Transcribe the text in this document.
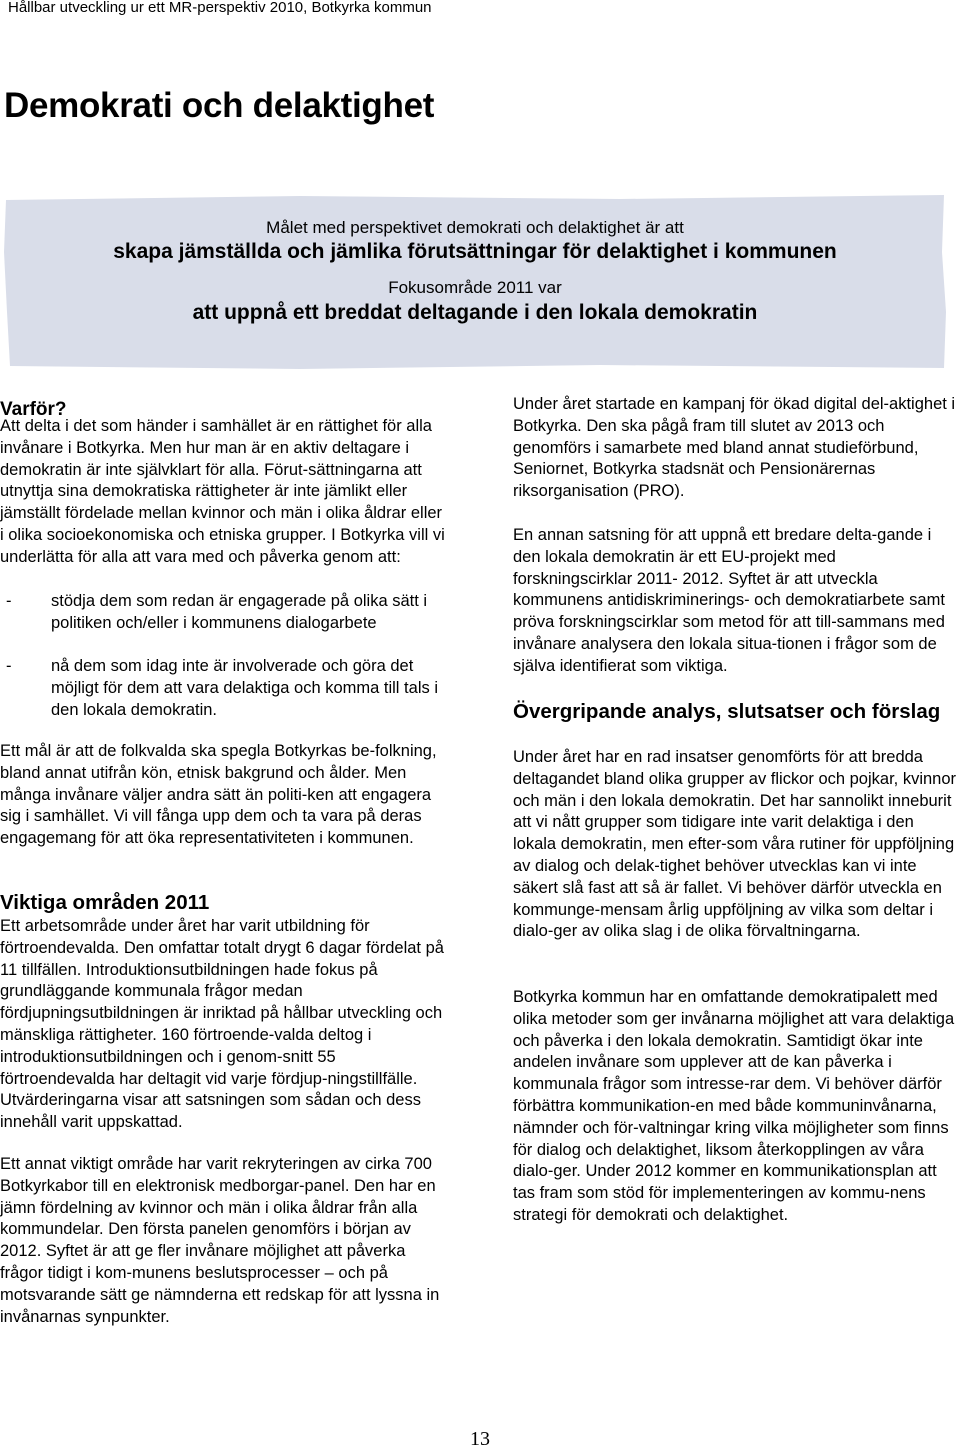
Hållbar utveckling ur ett MR-perspektiv 2010, Botkyrka kommun
Demokrati och delaktighet
Målet med perspektivet demokrati och delaktighet är att
skapa jämställda och jämlika förutsättningar för delaktighet i kommunen
Fokusområde 2011 var
att uppnå ett breddat deltagande i den lokala demokratin
Varför?

Att delta i det som händer i samhället är en rättighet för alla invånare i Botkyrka. Men hur man är en aktiv deltagare i demokratin är inte självklart för alla. Förut-sättningarna att utnyttja sina demokratiska rättigheter är inte jämlikt eller jämställt fördelade mellan kvinnor och män i olika åldrar eller i olika socioekonomiska och etniska grupper. I Botkyrka vill vi underlätta för alla att vara med och påverka genom att:

- stödja dem som redan är engagerade på olika sätt i politiken och/eller i kommunens dialogarbete
- nå dem som idag inte är involverade och göra det möjligt för dem att vara delaktiga och komma till tals i den lokala demokratin.

Ett mål är att de folkvalda ska spegla Botkyrkas be-folkning, bland annat utifrån kön, etnisk bakgrund och ålder. Men många invånare väljer andra sätt än politi-ken att engagera sig i samhället. Vi vill fånga upp dem och ta vara på deras engagemang för att öka representativiteten i kommunen.

Viktiga områden 2011

Ett arbetsområde under året har varit utbildning för förtroendevalda. Den omfattar totalt drygt 6 dagar fördelat på 11 tillfällen. Introduktionsutbildningen hade fokus på grundläggande kommunala frågor medan fördjupningsutbildningen är inriktad på hållbar utveckling och mänskliga rättigheter. 160 förtroende-valda deltog i introduktionsutbildningen och i genom-snitt 55 förtroendevalda har deltagit vid varje fördjup-ningstillfälle. Utvärderingarna visar att satsningen som sådan och dess innehåll varit uppskattad.

Ett annat viktigt område har varit rekryteringen av cirka 700 Botkyrkabor till en elektronisk medborgar-panel. Den har en jämn fördelning av kvinnor och män i olika åldrar från alla kommundelar. Den första panelen genomförs i början av 2012. Syftet är att ge fler invånare möjlighet att påverka frågor tidigt i kom-munens beslutsprocesser – och på motsvarande sätt ge nämnderna ett redskap för att lyssna in invånarnas synpunkter.

Under året startade en kampanj för ökad digital del-aktighet i Botkyrka. Den ska pågå fram till slutet av 2013 och genomförs i samarbete med bland annat studieförbund, Seniornet, Botkyrka stadsnät och Pensionärernas riksorganisation (PRO).

En annan satsning för att uppnå ett bredare delta-gande i den lokala demokratin är ett EU-projekt med forskningscirklar 2011- 2012. Syftet är att utveckla kommunens antidiskriminerings- och demokratiarbete samt pröva forskningscirklar som metod för att till-sammans med invånare analysera den lokala situa-tionen i frågor som de själva identifierat som viktiga.

Övergripande analys, slutsatser och förslag

Under året har en rad insatser genomförts för att bredda deltagandet bland olika grupper av flickor och pojkar, kvinnor och män i den lokala demokratin. Det har sannolikt inneburit att vi nått grupper som tidigare inte varit delaktiga i den lokala demokratin, men efter-som våra rutiner för uppföljning av dialog och delak-tighet behöver utvecklas kan vi inte säkert slå fast att så är fallet. Vi behöver därför utveckla en kommunge-mensam årlig uppföljning av vilka som deltar i dialo-ger av olika slag i de olika förvaltningarna.

Botkyrka kommun har en omfattande demokratipalett med olika metoder som ger invånarna möjlighet att vara delaktiga och påverka i den lokala demokratin. Samtidigt ökar inte andelen invånare som upplever att de kan påverka i kommunala frågor som intresse-rar dem. Vi behöver därför förbättra kommunikation-en med både kommuninvånarna, nämnder och för-valtningar kring vilka möjligheter som finns för dialog och delaktighet, liksom återkopplingen av våra dialo-ger. Under 2012 kommer en kommunikationsplan att tas fram som stöd för implementeringen av kommu-nens strategi för demokrati och delaktighet.

13
